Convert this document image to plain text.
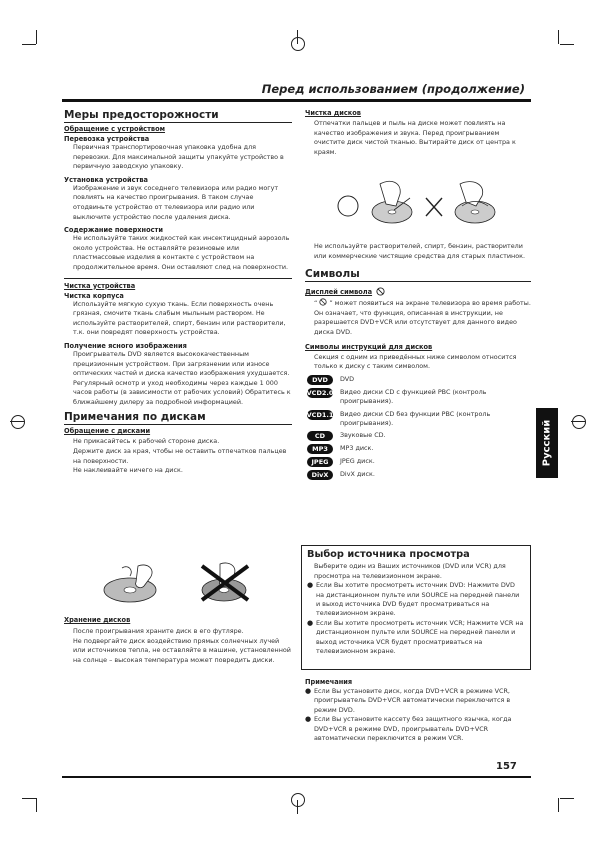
Перед использованием (продолжение)
Меры предосторожности
Обращение с устройством
Перевозка устройства
Первичная транспортировочная упаковка удобна для перевозки. Для максимальной защиты упакуйте устройство в первичную заводскую упаковку.
Установка устройства
Изображение и звук соседнего телевизора или радио могут повлиять на качество проигрывания. В таком случае отодвиньте устройство от телевизора или радио или выключите устройство после удаления диска.
Содержание поверхности
Не используйте таких жидкостей как инсектицидный аэрозоль около устройства. Не оставляйте резиновые или пластмассовые изделия в контакте с устройством на продолжительное время. Они оставляют след на поверхности.
Чистка устройства
Чистка корпуса
Используйте мягкую сухую ткань. Если поверхность очень грязная, смочите ткань слабым мыльным раствором. Не используйте растворителей, спирт, бензин или растворители, т.к. они повредят поверхность устройства.
Получение ясного изображения
Проигрыватель DVD является высококачественным прецизионным устройством. При загрязнении или износе оптических частей и диска качество изображения ухудшается.
Регулярный осмотр и уход необходимы через каждые 1 000 часов работы (в зависимости от рабочих условий) Обратитесь к ближайшему дилеру за подробной информацией.
Примечания по дискам
Обращение с дисками
Не прикасайтесь к рабочей стороне диска.
Держите диск за края, чтобы не оставить отпечатков пальцев на поверхности.
Не наклеивайте ничего на диск.
Хранение дисков
После проигрывания храните диск в его футляре.
Не подвергайте диск воздействию прямых солнечных лучей или источников тепла, не оставляйте в машине, установленной на солнце – высокая температура может повредить диски.
Чистка дисков
Отпечатки пальцев и пыль на диске может повлиять на качество изображения и звука. Перед проигрыванием очистите диск чистой тканью. Вытирайте диск от центра к краям.
Не используйте растворителей, спирт, бензин, растворители или коммерческие чистящие средства для старых пластинок.
Символы
Дисплей символа
“ ” может появиться на экране телевизора во время работы. Он означает, что функция, описанная в инструкции, не разрешается DVD+VCR или отсутствует для данного видео диска DVD.
Символы инструкций для дисков
Секция с одним из приведённых ниже символом относится только к диску с таким символом.
DVD	DVD
VCD2.0 Видео диски CD с функцией PBC (контроль проигрывания).
VCD1.1 Видео диски CD без функции PBC (контроль проигрывания).
CD	Звуковые CD.
MP3	MP3 диск.
JPEG	JPEG диск.
DivX	DivX диск.
Выбор источника просмотра
Выберите один из Ваших источников (DVD или VCR) для просмотра на телевизионном экране.
● Если Вы хотите просмотреть источник DVD: Нажмите DVD на дистанционном пульте или SOURCE на передней панели и выход источника DVD будет просматриваться на телевизионном экране.
● Если Вы хотите просмотреть источник VCR; Нажмите VCR на дистанционном пульте или SOURCE на передней панели и выход источника VCR будет просматриваться на телевизионном экране.
Примечания
● Если Вы установите диск, когда DVD+VCR в режиме VCR, проигрыватель DVD+VCR автоматически переключится в режим DVD.
● Если Вы установите кассету без защитного язычка, когда DVD+VCR в режиме DVD, проигрыватель DVD+VCR автоматически переключится в режим VCR.
Русский
157
